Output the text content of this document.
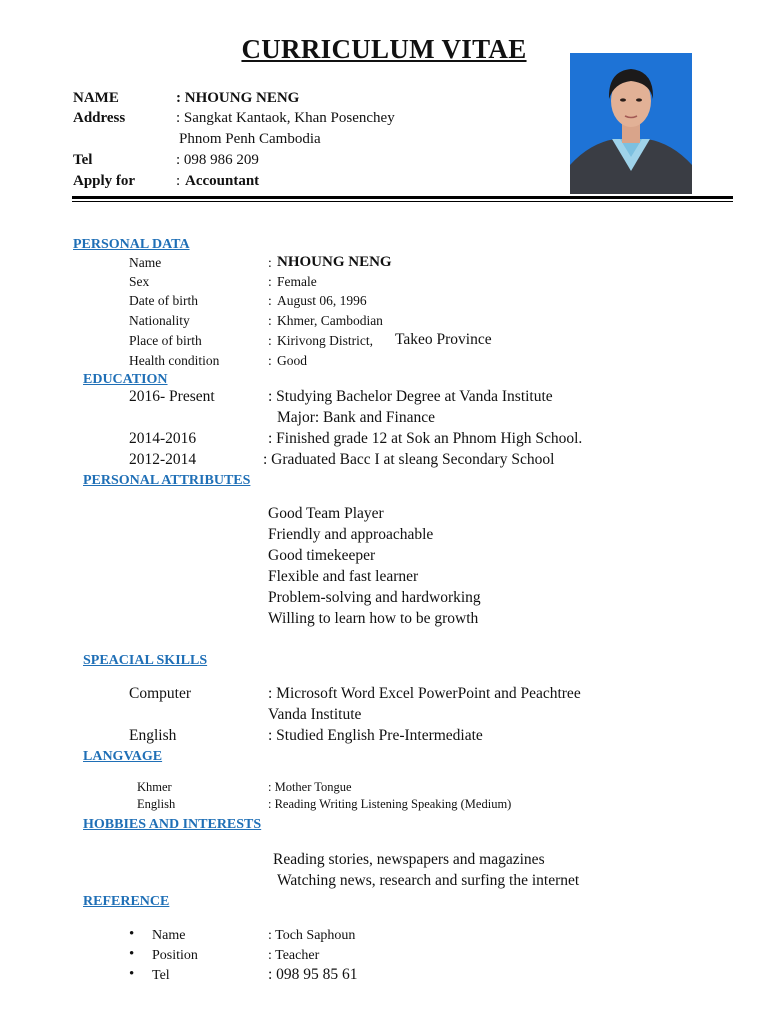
CURRICULUM VITAE
NAME	: NHOUNG NENG
Address	: Sangkat Kantaok, Khan Posenchey
Phnom Penh Cambodia
Tel	: 098 986 209
Apply for	: Accountant
PERSONAL DATA
Name	: NHOUNG NENG
Sex	: Female
Date of birth	: August 06, 1996
Nationality	: Khmer, Cambodian
Place of birth	: Kirivong District, Takeo Province
Health condition	: Good
EDUCATION
2016- Present	: Studying Bachelor Degree at Vanda Institute
Major: Bank and Finance
2014-2016	: Finished grade 12 at Sok an Phnom High School.
2012-2014	: Graduated Bacc I at sleang Secondary School
PERSONAL ATTRIBUTES
Good Team Player
Friendly and approachable
Good timekeeper
Flexible and fast learner
Problem-solving and hardworking
Willing to learn how to be growth
SPEACIAL SKILLS
Computer	: Microsoft Word Excel PowerPoint and Peachtree
Vanda Institute
English	: Studied English Pre-Intermediate
LANGVAGE
Khmer	: Mother Tongue
English	: Reading Writing Listening Speaking (Medium)
HOBBIES AND INTERESTS
Reading stories, newspapers and magazines
Watching news, research and surfing the internet
REFERENCE
• Name	: Toch Saphoun
• Position	: Teacher
• Tel	: 098 95 85 61
